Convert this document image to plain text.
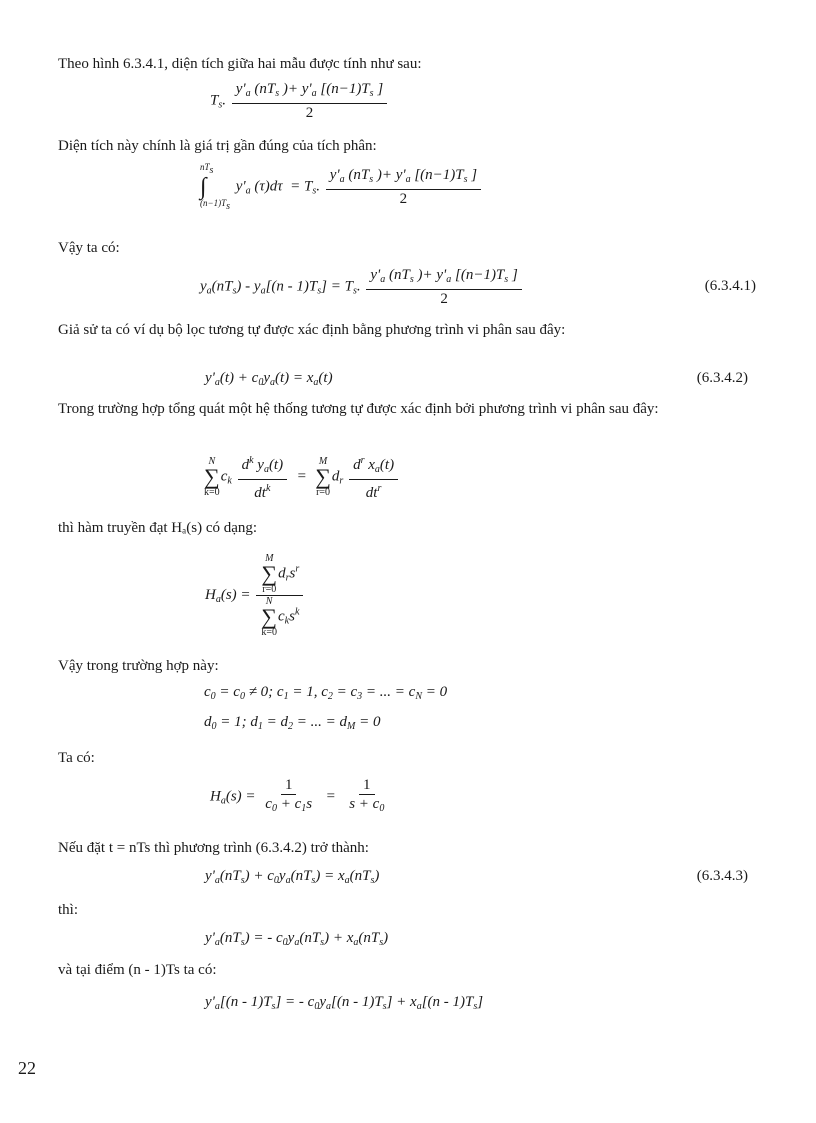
Theo hình 6.3.4.1, diện tích giữa hai mẫu được tính như sau:
$T_s$. $\frac{y'_a (nT_s )+ y'_a [(n-1)T_s ]}{2}$
Diện tích này chính là giá trị gần đúng của tích phân:
nTs
∫
(n−1)Ts
$y'_a$ $(\tau)d\tau = T_s$. $\frac{y'_a (nT_s )+ y'_a [(n-1)T_s ]}{2}$
Vậy ta có:
$y_a(nT_s) - y_a[(n - 1)T_s] = T_s$. $\frac{y'_a (nT_s )+ y'_a [(n-1)T_s ]}{2}$	(6.3.4.1)
Giả sử ta có ví dụ bộ lọc tương tự được xác định bằng phương trình vi phân sau đây:
$y'_a(t) + c_0y_a(t) = x_a(t)$	(6.3.4.2)
Trong trường hợp tổng quát một hệ thống tương tự được xác định bởi phương trình vi phân sau đây:
N
∑
k=0
$c_k \frac{d^k y_a(t)}{dt^k}$ =
M
∑
r=0
$d_r \frac{d^r x_a(t)}{dt^r}$
thì hàm truyền đạt Hₐ(s) có dạng:
$H_a(s) = M$
∑
r=0
$d_rs^r$
N
∑
k=0
$c_ks^k$
Vậy trong trường hợp này:
$c_0 = c_0 \ne 0$; $c_1 = 1$, $c_2 = c_3$ = ... = $c_N = 0$
$d_0 = 1$; $d_1 = d_2$ = ... = $d_M = 0$
Ta có:
$H_a(s) = \frac{1}{c_0 + c_1s} = \frac{1}{s + c_0}$
Nếu đặt t = nTs thì phương trình (6.3.4.2) trở thành:
$y'_a(nT_s) + c_0y_a(nT_s) = x_a(nT_s)$	(6.3.4.3)
thì:
$y'_a(nT_s)$ = - $c_0y_a(nT_s) + x_a(nT_s)$
và tại điểm (n - 1)Ts ta có:
$y'_a[(n - 1)T_s]$ = - $c_0y_a[(n - 1)T_s] + x_a[(n - 1)T_s]$
22
